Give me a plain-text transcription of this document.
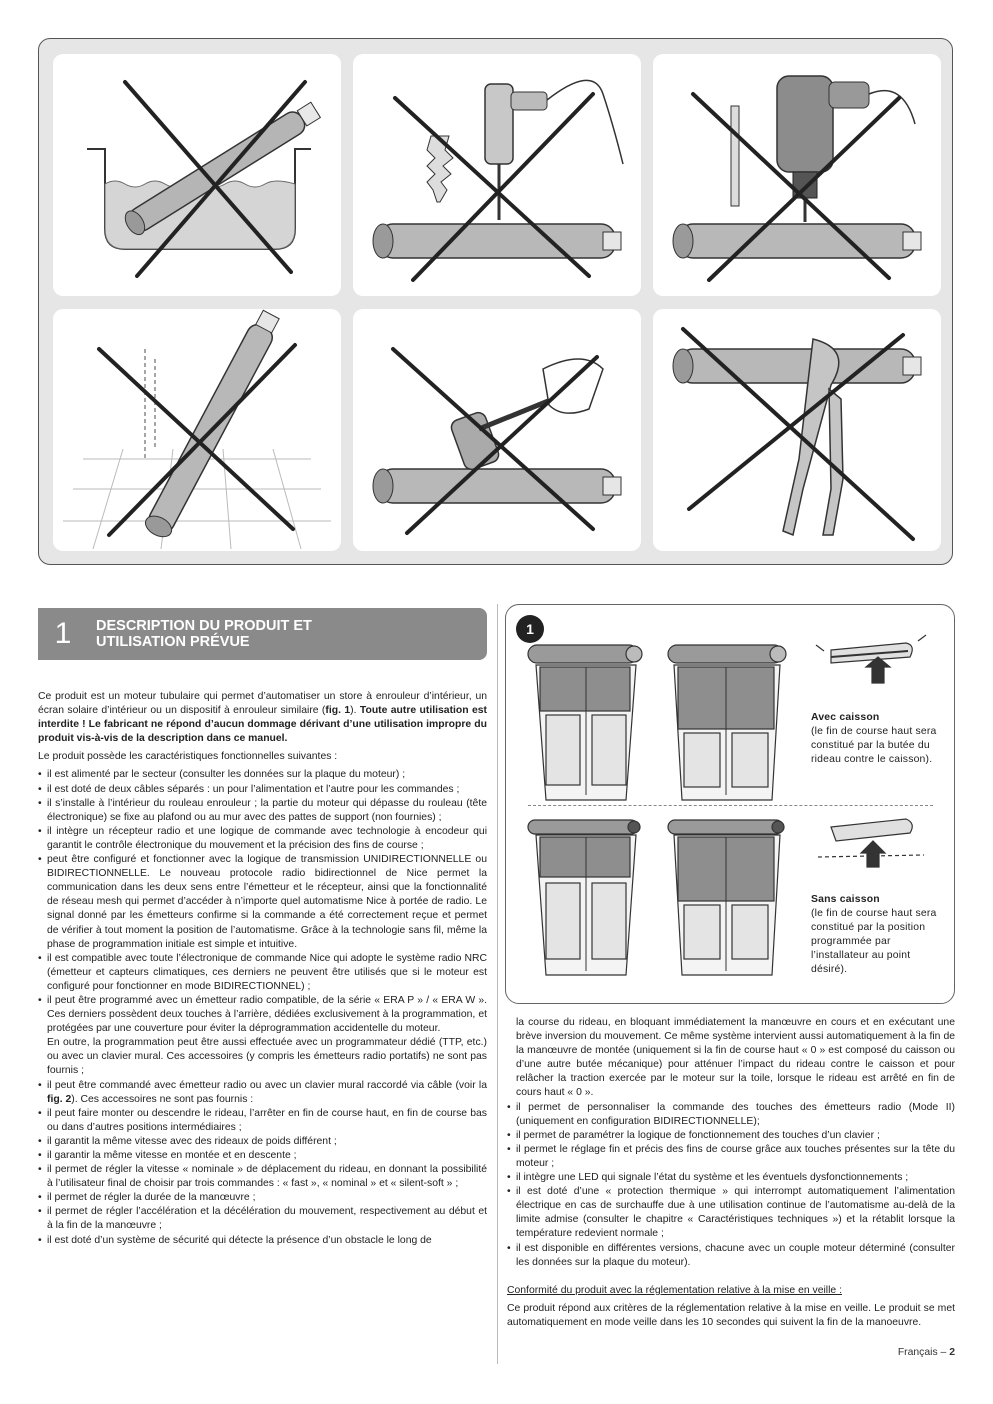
1	DESCRIPTION DU PRODUIT ET
UTILISATION PRÉVUE

Ce produit est un moteur tubulaire qui permet d’automatiser un store à enrouleur d’intérieur, un écran solaire d’intérieur ou un dispositif à enrouleur similaire (fig. 1). Toute autre utilisation est interdite ! Le fabricant ne répond d’aucun dommage dérivant d’une utilisation impropre du produit vis-à-vis de la description dans ce manuel.

Le produit possède les caractéristiques fonctionnelles suivantes :

• il est alimenté par le secteur (consulter les données sur la plaque du moteur) ;
• il est doté de deux câbles séparés : un pour l’alimentation et l’autre pour les commandes ;
• il s’installe à l’intérieur du rouleau enrouleur ; la partie du moteur qui dépasse du rouleau (tête électronique) se fixe au plafond ou au mur avec des pattes de support (non fournies) ;
• il intègre un récepteur radio et une logique de commande avec technologie à encodeur qui garantit le contrôle électronique du mouvement et la précision des fins de course ;
• peut être configuré et fonctionner avec la logique de transmission UNIDIRECTIONNELLE ou BIDIRECTIONNELLE. Le nouveau protocole radio bidirectionnel de Nice permet la communication dans les deux sens entre l’émetteur et le récepteur, ainsi que la fonctionnalité de réseau mesh qui permet d’accéder à n’importe quel automatisme Nice à portée de radio. Le signal donné par les émetteurs confirme si la commande a été correctement reçue et permet de vérifier à tout moment la position de l’automatisme. Grâce à la technologie sans fil, même la phase de programmation initiale est simple et intuitive.
• il est compatible avec toute l’électronique de commande Nice qui adopte le système radio NRC (émetteur et capteurs climatiques, ces derniers ne peuvent être utilisés que si le moteur est configuré pour fonctionner en mode BIDIRECTIONNEL) ;
• il peut être programmé avec un émetteur radio compatible, de la série « ERA P » / « ERA W ». Ces derniers possèdent deux touches à l’arrière, dédiées exclusivement à la programmation, et protégées par une couverture pour éviter la déprogrammation accidentelle du moteur.
En outre, la programmation peut être aussi effectuée avec un programmateur dédié (TTP, etc.) ou avec un clavier mural. Ces accessoires (y compris les émetteurs radio portatifs) ne sont pas fournis ;
• il peut être commandé avec émetteur radio ou avec un clavier mural raccordé via câble (voir la fig. 2). Ces accessoires ne sont pas fournis :
• il peut faire monter ou descendre le rideau, l’arrêter en fin de course haut, en fin de course bas ou dans d’autres positions intermédiaires ;
• il garantit la même vitesse avec des rideaux de poids différent ;
• il garantir la même vitesse en montée et en descente ;
• il permet de régler la vitesse « nominale » de déplacement du rideau, en donnant la possibilité à l’utilisateur final de choisir par trois commandes : « fast », « nominal » et « silent-soft » ;
• il permet de régler la durée de la manœuvre ;
• il permet de régler l’accélération et la décélération du mouvement, respectivement au début et à la fin de la manœuvre ;
• il est doté d’un système de sécurité qui détecte la présence d’un obstacle le long de
1
Avec caisson
(le fin de course haut sera constitué par la butée du rideau contre le caisson).
Sans caisson
(le fin de course haut sera constitué par la position programmée par l’installateur au point désiré).
la course du rideau, en bloquant immédiatement la manœuvre en cours et en exécutant une brève inversion du mouvement. Ce même système intervient aussi automatiquement à la fin de la manœuvre de montée (uniquement si la fin de course haut « 0 » est composé du caisson ou d’une autre butée mécanique) pour atténuer l’impact du rideau contre le caisson et pour relâcher la traction exercée par le moteur sur la toile, lorsque le rideau est arrêté en fin de cours haut « 0 ».
• il permet de personnaliser la commande des touches des émetteurs radio (Mode II) (uniquement en configuration BIDIRECTIONNELLE);
• il permet de paramétrer la logique de fonctionnement des touches d’un clavier ;
• il permet le réglage fin et précis des fins de course grâce aux touches présentes sur la tête du moteur ;
• il intègre une LED qui signale l’état du système et les éventuels dysfonctionnements ;
• il est doté d’une « protection thermique » qui interrompt automatiquement l’alimentation électrique en cas de surchauffe due à une utilisation continue de l’automatisme au-delà de la limite admise (consulter le chapitre « Caractéristiques techniques ») et la rétablit lorsque la température redevient normale ;
• il est disponible en différentes versions, chacune avec un couple moteur déterminé (consulter les données sur la plaque du moteur).

Conformité du produit avec la réglementation relative à la mise en veille :

Ce produit répond aux critères de la réglementation relative à la mise en veille. Le produit se met automatiquement en mode veille dans les 10 secondes qui suivent la fin de la manoeuvre.

Français – 2
